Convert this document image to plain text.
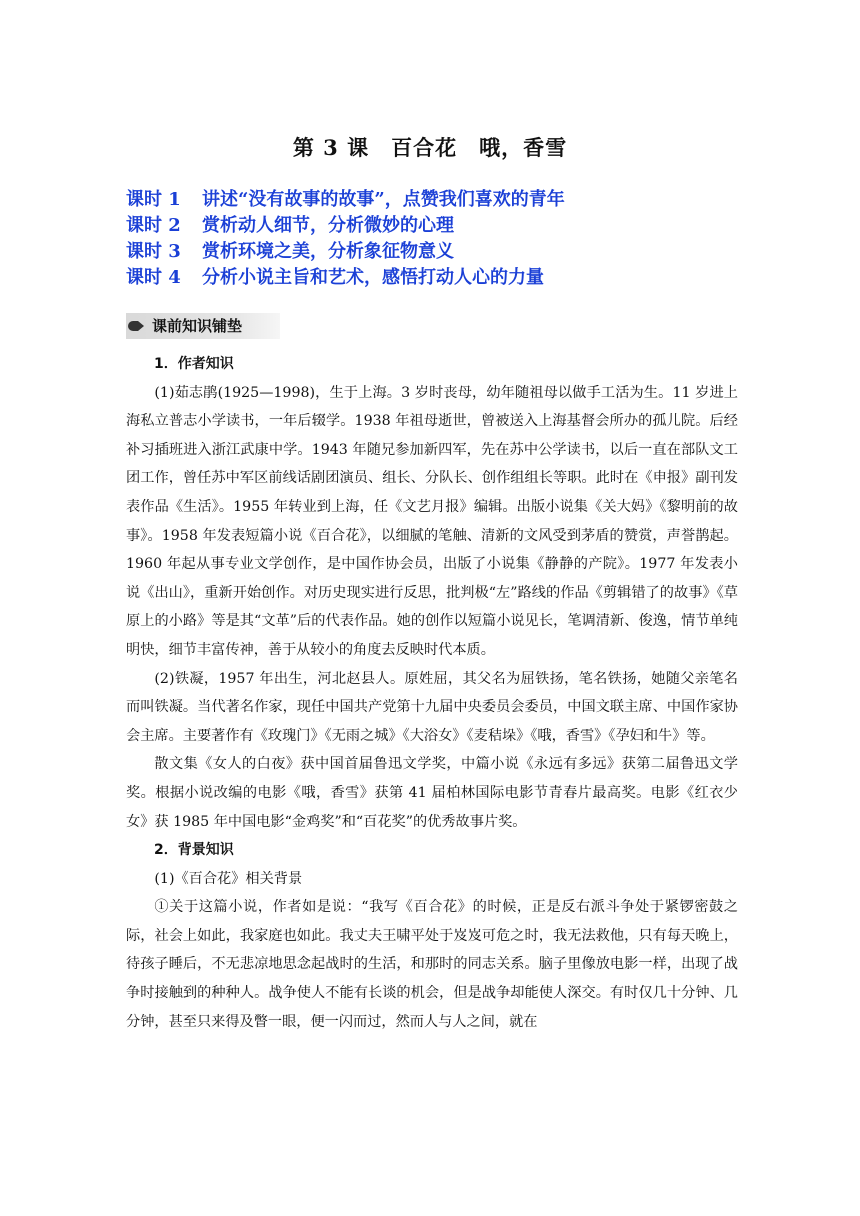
第 3 课　百合花　哦，香雪
课时 1 讲述“没有故事的故事”，点赞我们喜欢的青年
课时 2 赏析动人细节，分析微妙的心理
课时 3 赏析环境之美，分析象征物意义
课时 4 分析小说主旨和艺术，感悟打动人心的力量
课前知识铺垫

1．作者知识

(1)茹志鹃(1925—1998)，生于上海。3 岁时丧母，幼年随祖母以做手工活为生。11 岁进上海私立普志小学读书，一年后辍学。1938 年祖母逝世，曾被送入上海基督会所办的孤儿院。后经补习插班进入浙江武康中学。1943 年随兄参加新四军，先在苏中公学读书，以后一直在部队文工团工作，曾任苏中军区前线话剧团演员、组长、分队长、创作组组长等职。此时在《申报》副刊发表作品《生活》。1955 年转业到上海，任《文艺月报》编辑。出版小说集《关大妈》《黎明前的故事》。1958 年发表短篇小说《百合花》，以细腻的笔触、清新的文风受到茅盾的赞赏，声誉鹊起。1960 年起从事专业文学创作，是中国作协会员，出版了小说集《静静的产院》。1977 年发表小说《出山》，重新开始创作。对历史现实进行反思，批判极“左”路线的作品《剪辑错了的故事》《草原上的小路》等是其“文革”后的代表作品。她的创作以短篇小说见长，笔调清新、俊逸，情节单纯明快，细节丰富传神，善于从较小的角度去反映时代本质。

(2)铁凝，1957 年出生，河北赵县人。原姓屈，其父名为屈铁扬，笔名铁扬，她随父亲笔名而叫铁凝。当代著名作家，现任中国共产党第十九届中央委员会委员，中国文联主席、中国作家协会主席。主要著作有《玫瑰门》《无雨之城》《大浴女》《麦秸垛》《哦，香雪》《孕妇和牛》等。

散文集《女人的白夜》获中国首届鲁迅文学奖，中篇小说《永远有多远》获第二届鲁迅文学奖。根据小说改编的电影《哦，香雪》获第 41 届柏林国际电影节青春片最高奖。电影《红衣少女》获 1985 年中国电影“金鸡奖”和“百花奖”的优秀故事片奖。

2．背景知识

(1)《百合花》相关背景

①关于这篇小说，作者如是说：“我写《百合花》的时候，正是反右派斗争处于紧锣密鼓之际，社会上如此，我家庭也如此。我丈夫王啸平处于岌岌可危之时，我无法救他，只有每天晚上，待孩子睡后，不无悲凉地思念起战时的生活，和那时的同志关系。脑子里像放电影一样，出现了战争时接触到的种种人。战争使人不能有长谈的机会，但是战争却能使人深交。有时仅几十分钟、几分钟，甚至只来得及瞥一眼，便一闪而过，然而人与人之间，就在
